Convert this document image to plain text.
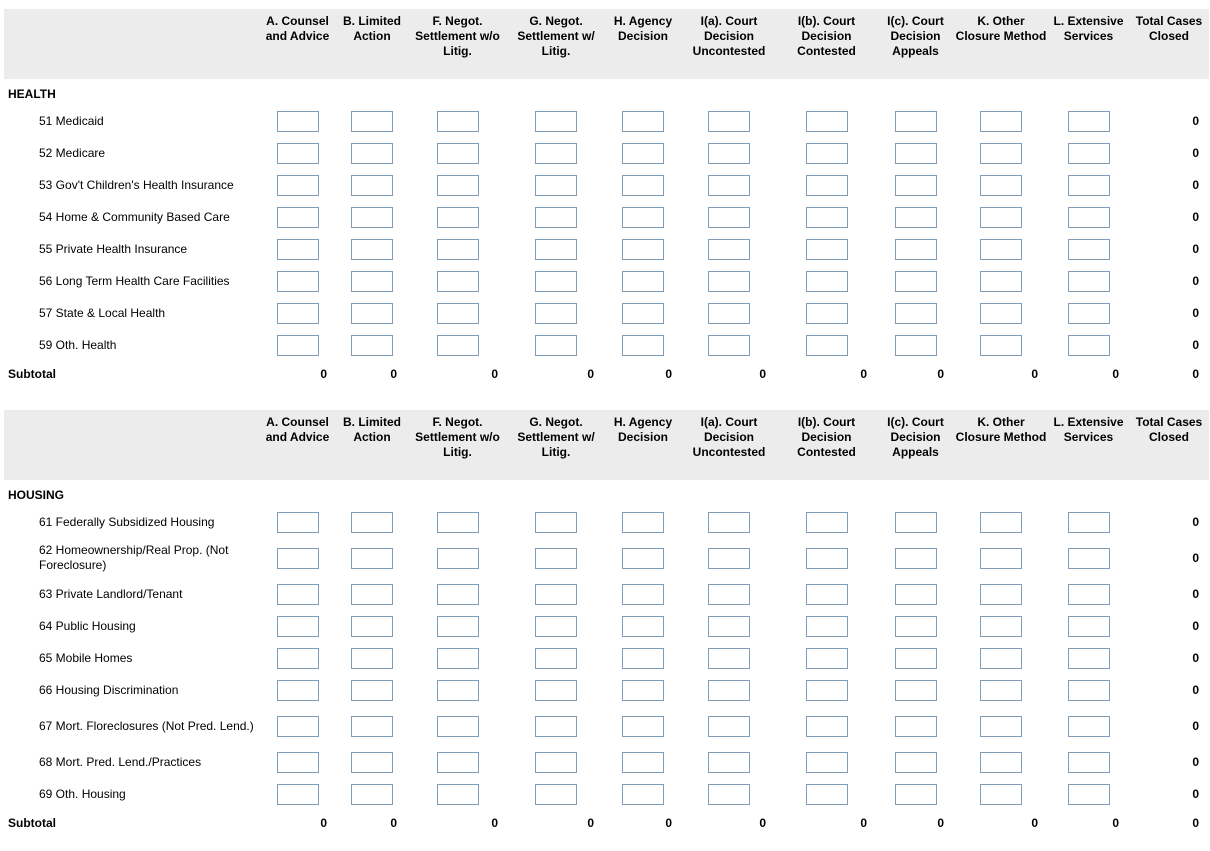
	A. Counsel and Advice	B. Limited Action	F. Negot. Settlement w/o Litig.	G. Negot. Settlement w/ Litig.	H. Agency Decision	I(a). Court Decision Uncontested	I(b). Court Decision Contested	I(c). Court Decision Appeals	K. Other Closure Method	L. Extensive Services	Total Cases Closed
HEALTH											
51 Medicaid											0
52 Medicare											0
53 Gov't Children's Health Insurance											0
54 Home & Community Based Care											0
55 Private Health Insurance											0
56 Long Term Health Care Facilities											0
57 State & Local Health											0
59 Oth. Health											0
Subtotal	0	0	0	0	0	0	0	0	0	0	0
	A. Counsel and Advice	B. Limited Action	F. Negot. Settlement w/o Litig.	G. Negot. Settlement w/ Litig.	H. Agency Decision	I(a). Court Decision Uncontested	I(b). Court Decision Contested	I(c). Court Decision Appeals	K. Other Closure Method	L. Extensive Services	Total Cases Closed
HOUSING											
61 Federally Subsidized Housing											0
62 Homeownership/Real Prop. (Not Foreclosure)											0
63 Private Landlord/Tenant											0
64 Public Housing											0
65 Mobile Homes											0
66 Housing Discrimination											0
67 Mort. Floreclosures (Not Pred. Lend.)											0
68 Mort. Pred. Lend./Practices											0
69 Oth. Housing											0
Subtotal	0	0	0	0	0	0	0	0	0	0	0
